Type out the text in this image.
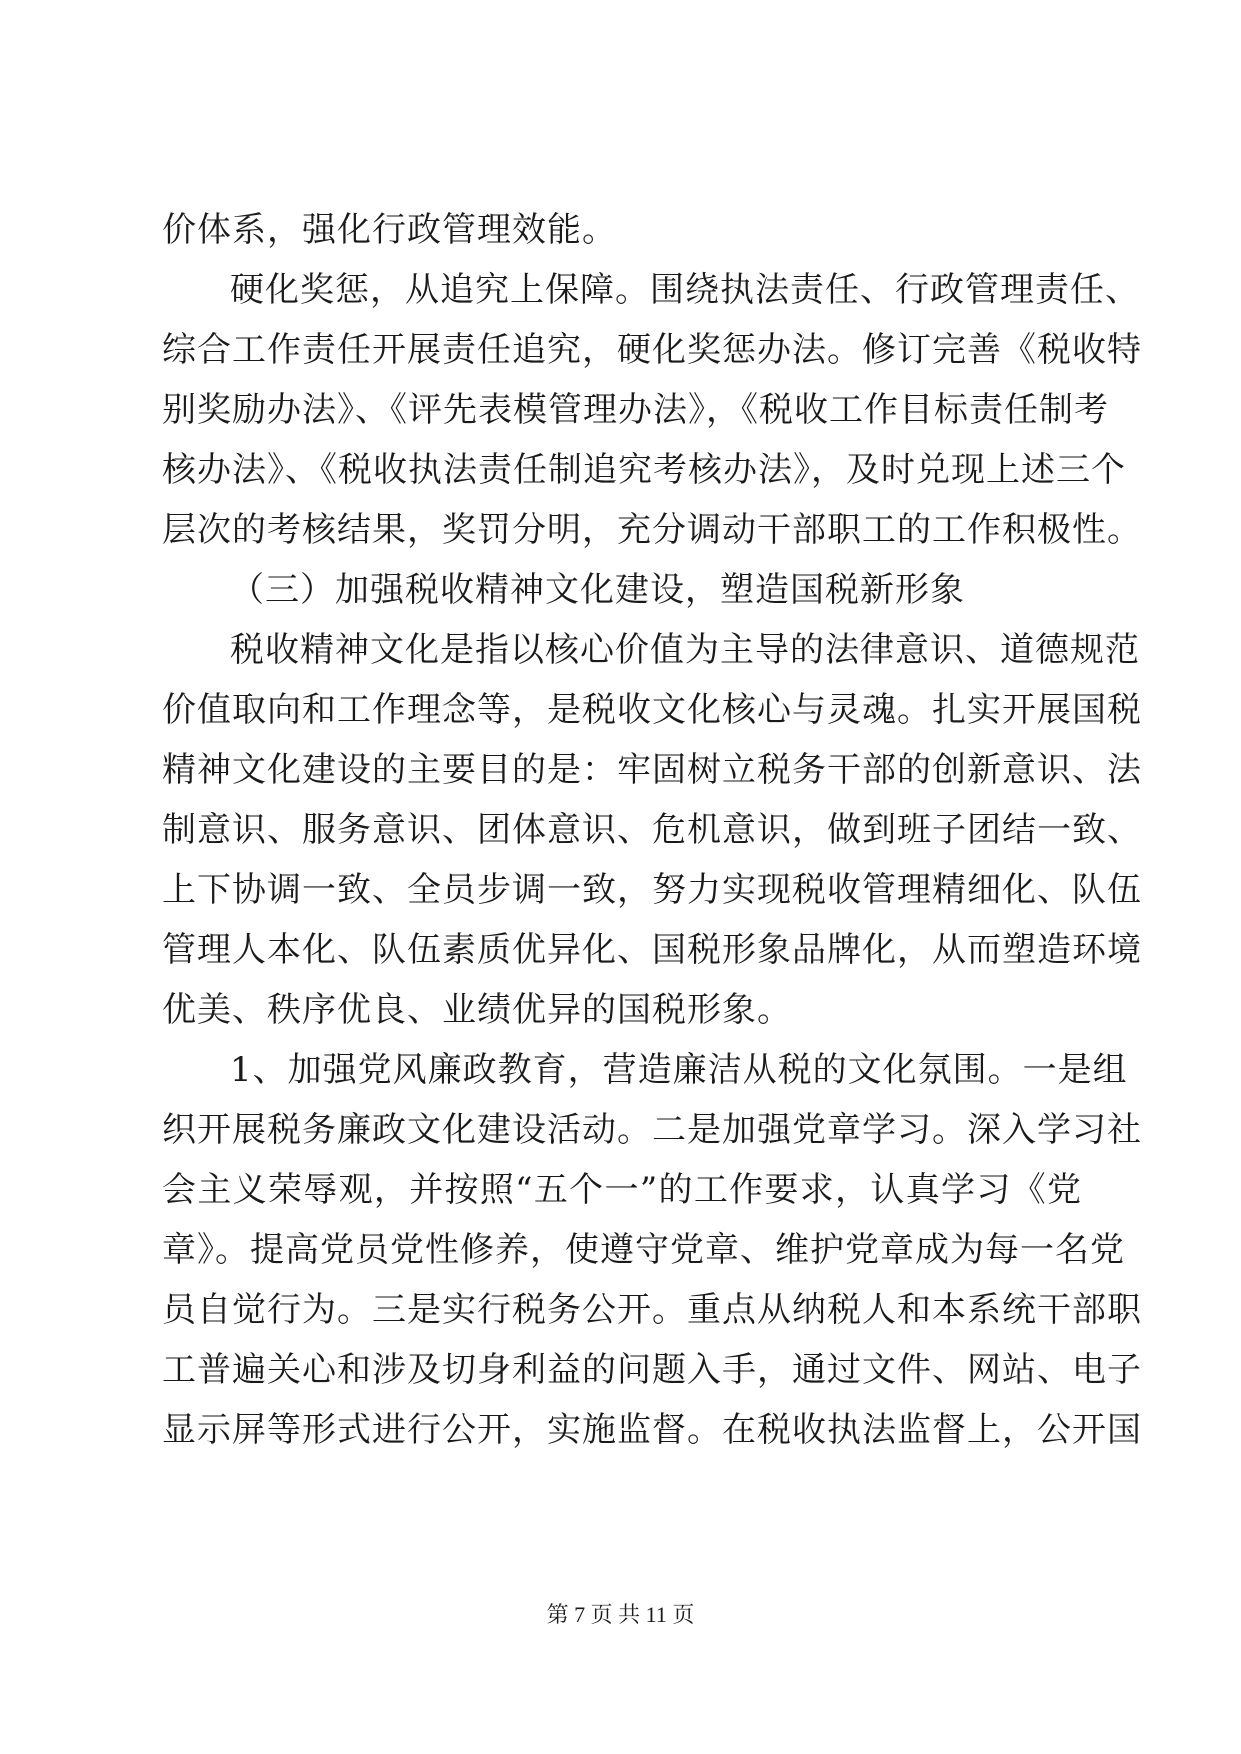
价体系，强化行政管理效能。
硬化奖惩，从追究上保障。围绕执法责任、行政管理责任、
综合工作责任开展责任追究，硬化奖惩办法。修订完善《税收特
别奖励办法》、《评先表模管理办法》，《税收工作目标责任制考
核办法》、《税收执法责任制追究考核办法》，及时兑现上述三个
层次的考核结果，奖罚分明，充分调动干部职工的工作积极性。
（三）加强税收精神文化建设，塑造国税新形象
税收精神文化是指以核心价值为主导的法律意识、道德规范
价值取向和工作理念等，是税收文化核心与灵魂。扎实开展国税
精神文化建设的主要目的是：牢固树立税务干部的创新意识、法
制意识、服务意识、团体意识、危机意识，做到班子团结一致、
上下协调一致、全员步调一致，努力实现税收管理精细化、队伍
管理人本化、队伍素质优异化、国税形象品牌化，从而塑造环境
优美、秩序优良、业绩优异的国税形象。
1、加强党风廉政教育，营造廉洁从税的文化氛围。一是组
织开展税务廉政文化建设活动。二是加强党章学习。深入学习社
会主义荣辱观，并按照“五个一”的工作要求，认真学习《党
章》。提高党员党性修养，使遵守党章、维护党章成为每一名党
员自觉行为。三是实行税务公开。重点从纳税人和本系统干部职
工普遍关心和涉及切身利益的问题入手，通过文件、网站、电子
显示屏等形式进行公开，实施监督。在税收执法监督上，公开国
第 7 页 共 11 页
